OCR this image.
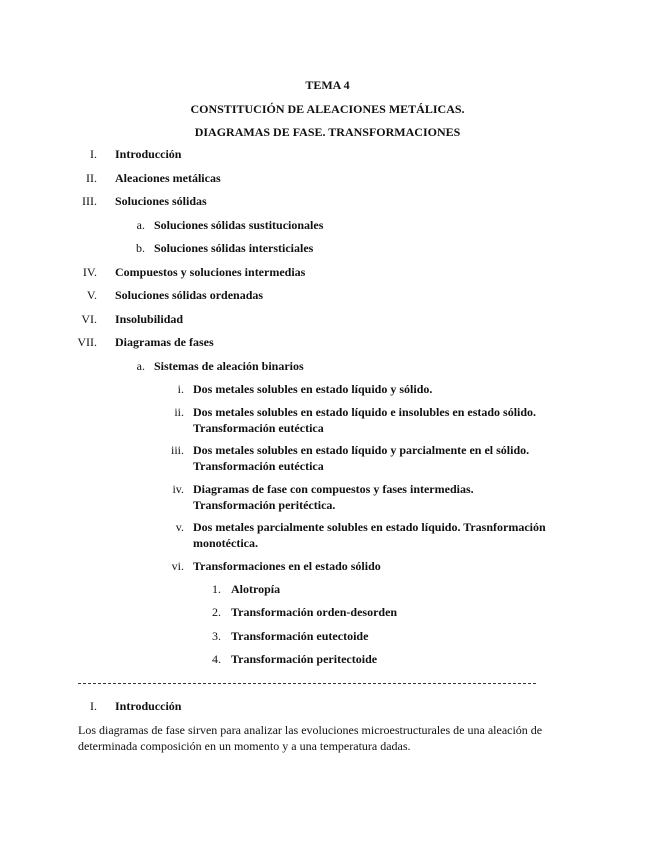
TEMA 4
CONSTITUCIÓN DE ALEACIONES METÁLICAS.
DIAGRAMAS DE FASE. TRANSFORMACIONES
I. Introducción
II. Aleaciones metálicas
III. Soluciones sólidas
a. Soluciones sólidas sustitucionales
b. Soluciones sólidas intersticiales
IV. Compuestos y soluciones intermedias
V. Soluciones sólidas ordenadas
VI. Insolubilidad
VII. Diagramas de fases
a. Sistemas de aleación binarios
i. Dos metales solubles en estado líquido y sólido.
ii. Dos metales solubles en estado líquido e insolubles en estado sólido.
Transformación eutéctica
iii. Dos metales solubles en estado líquido y parcialmente en el sólido.
Transformación eutéctica
iv. Diagramas de fase con compuestos y fases intermedias.
Transformación peritéctica.
v. Dos metales parcialmente solubles en estado líquido. Trasnformación
monotéctica.
vi. Transformaciones en el estado sólido
1. Alotropía
2. Transformación orden-desorden
3. Transformación eutectoide
4. Transformación peritectoide
I. Introducción
Los diagramas de fase sirven para analizar las evoluciones microestructurales de una aleación de determinada composición en un momento y a una temperatura dadas.
